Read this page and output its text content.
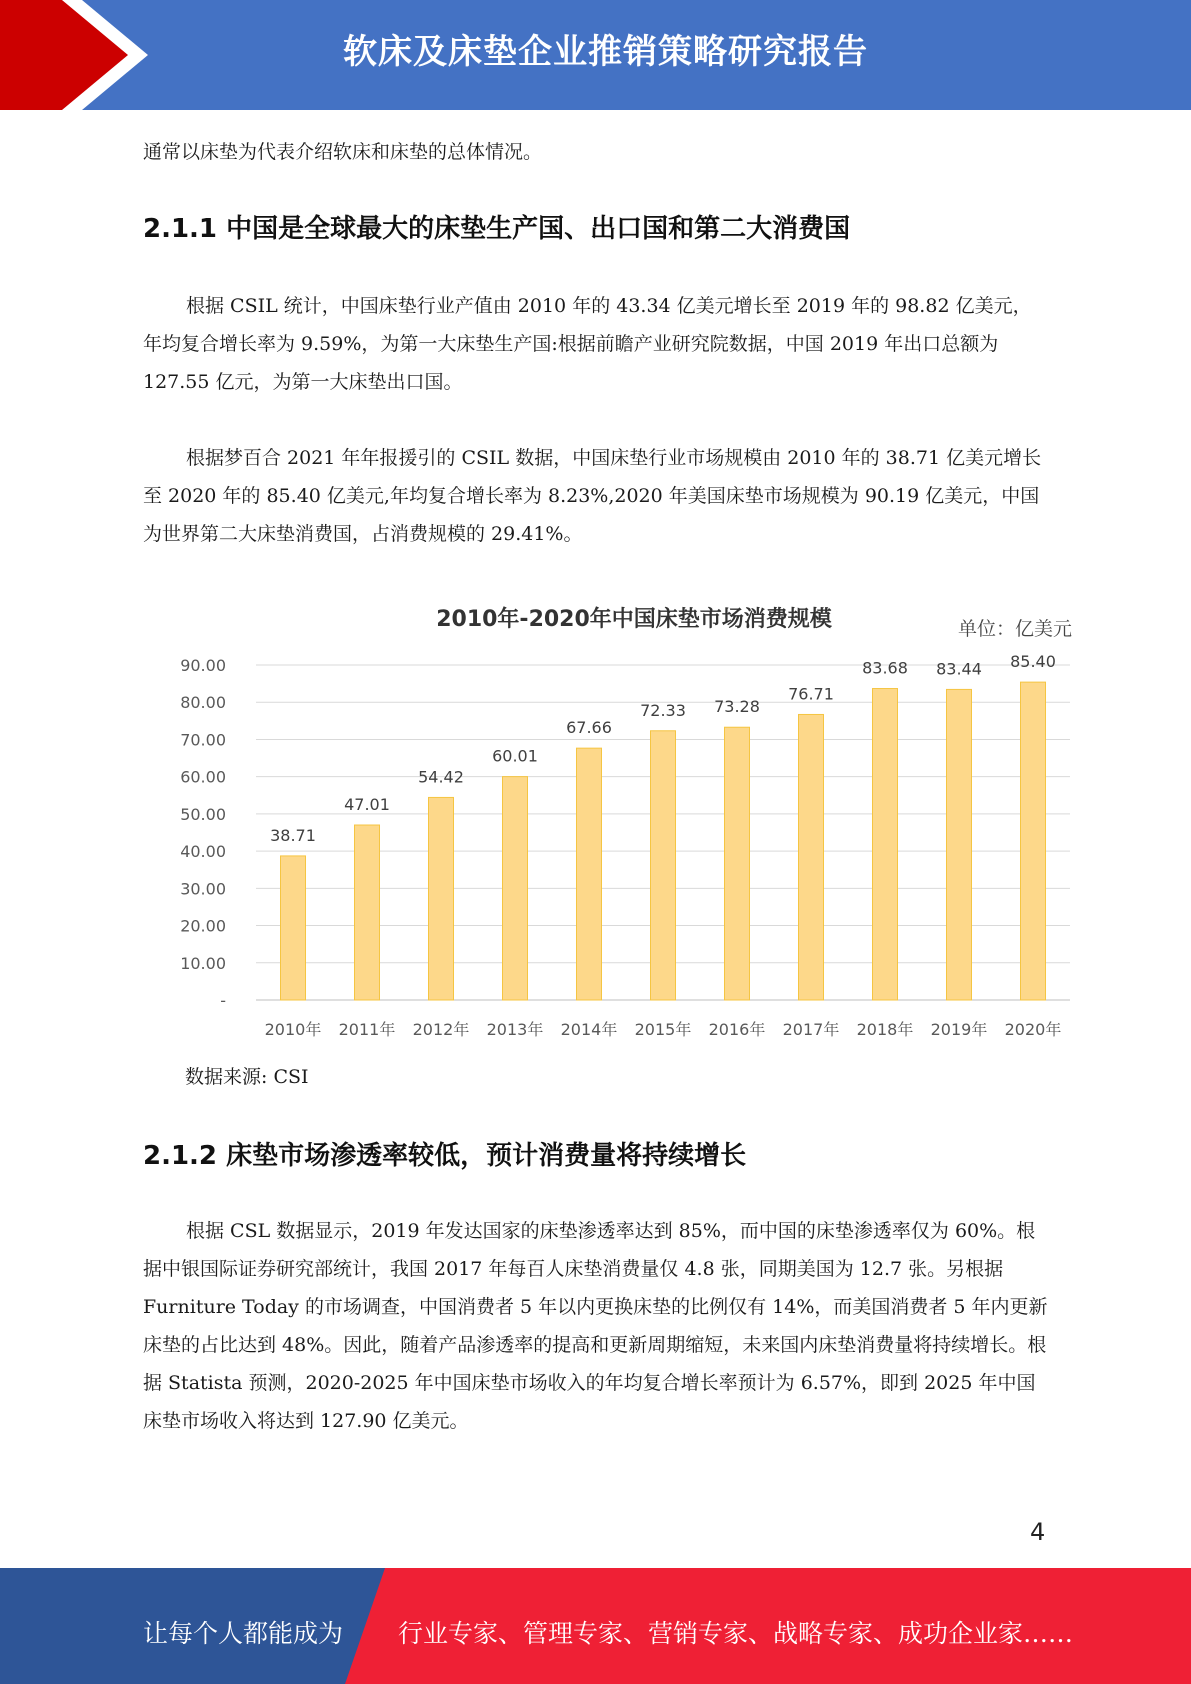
软床及床垫企业推销策略研究报告

通常以床垫为代表介绍软床和床垫的总体情况。

2.1.1 中国是全球最大的床垫生产国、出口国和第二大消费国

根据 CSIL 统计，中国床垫行业产值由 2010 年的 43.34 亿美元增长至 2019 年的 98.82 亿美元，年均复合增长率为 9.59%，为第一大床垫生产国:根据前瞻产业研究院数据，中国 2019 年出口总额为 127.55 亿元，为第一大床垫出口国。

根据梦百合 2021 年年报援引的 CSIL 数据，中国床垫行业市场规模由 2010 年的 38.71 亿美元增长至 2020 年的 85.40 亿美元,年均复合增长率为 8.23%,2020 年美国床垫市场规模为 90.19 亿美元，中国为世界第二大床垫消费国，占消费规模的 29.41%。

2010年-2020年中国床垫市场消费规模	单位：亿美元
-
10.00
20.00
30.00
40.00
50.00
60.00
70.00
80.00
90.00
38.71
47.01
54.42
60.01
67.66
72.33 73.28
76.71
83.68 83.44 85.40
2010年 2011年 2012年 2013年 2014年 2015年 2016年 2017年 2018年 2019年 2020年
数据来源: CSI
2.1.2 床垫市场渗透率较低，预计消费量将持续增长

根据 CSL 数据显示，2019 年发达国家的床垫渗透率达到 85%，而中国的床垫渗透率仅为 60%。根据中银国际证券研究部统计，我国 2017 年每百人床垫消费量仅 4.8 张，同期美国为 12.7 张。另根据 Furniture Today 的市场调查，中国消费者 5 年以内更换床垫的比例仅有 14%，而美国消费者 5 年内更新床垫的占比达到 48%。因此，随着产品渗透率的提高和更新周期缩短，未来国内床垫消费量将持续增长。根据 Statista 预测，2020-2025 年中国床垫市场收入的年均复合增长率预计为 6.57%，即到 2025 年中国床垫市场收入将达到 127.90 亿美元。

4
让每个人都能成为 行业专家、管理专家、营销专家、战略专家、成功企业家……
